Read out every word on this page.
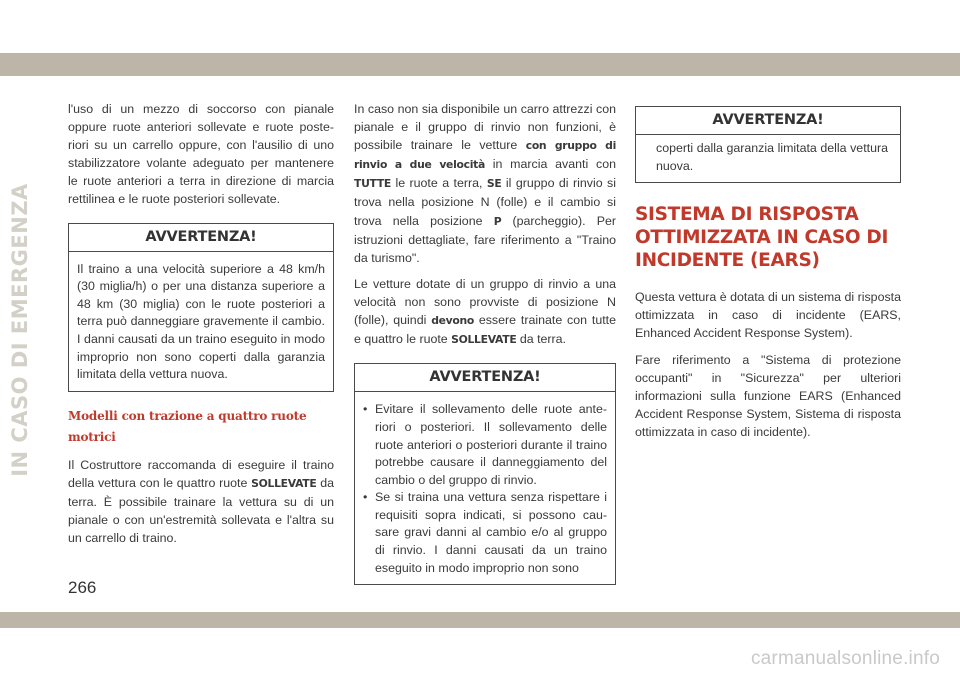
IN CASO DI EMERGENZA

l'uso di un mezzo di soccorso con pianale oppure ruote anteriori sollevate e ruote posteriori su un carrello oppure, con l'ausilio di uno stabilizzatore volante adeguato per mantenere le ruote anteriori a terra in direzione di marcia rettilinea e le ruote posteriori sollevate.

AVVERTENZA!
Il traino a una velocità superiore a 48 km/h (30 miglia/h) o per una distanza superiore a 48 km (30 miglia) con le ruote posteriori a terra può danneggiare gravemente il cambio. I danni causati da un traino eseguito in modo improprio non sono coperti dalla garanzia limitata della vettura nuova.
Modelli con trazione a quattro ruote motrici

Il Costruttore raccomanda di eseguire il traino della vettura con le quattro ruote SOLLEVATE da terra. È possibile trainare la vettura su di un pianale o con un'estremità sollevata e l'altra su un carrello di traino.

In caso non sia disponibile un carro attrezzi con pianale e il gruppo di rinvio non funzioni, è possibile trainare le vetture con gruppo di rinvio a due velocità in marcia avanti con TUTTE le ruote a terra, SE il gruppo di rinvio si trova nella posizione N (folle) e il cambio si trova nella posizione P (parcheggio). Per istruzioni dettagliate, fare riferimento a "Traino da turismo".

Le vetture dotate di un gruppo di rinvio a una velocità non sono provviste di posizione N (folle), quindi devono essere trainate con tutte e quattro le ruote SOLLEVATE da terra.

AVVERTENZA!
• Evitare il sollevamento delle ruote anteriori o posteriori. Il sollevamento delle ruote anteriori o posteriori durante il traino potrebbe causare il danneggiamento del cambio o del gruppo di rinvio.
• Se si traina una vettura senza rispettare i requisiti sopra indicati, si possono causare gravi danni al cambio e/o al gruppo di rinvio. I danni causati da un traino eseguito in modo improprio non sono
AVVERTENZA!
coperti dalla garanzia limitata della vettura nuova.
SISTEMA DI RISPOSTA OTTIMIZZATA IN CASO DI INCIDENTE (EARS)

Questa vettura è dotata di un sistema di risposta ottimizzata in caso di incidente (EARS, Enhanced Accident Response System).

Fare riferimento a "Sistema di protezione occupanti" in "Sicurezza" per ulteriori informazioni sulla funzione EARS (Enhanced Accident Response System, Sistema di risposta ottimizzata in caso di incidente).

266
carmanualsonline.info
